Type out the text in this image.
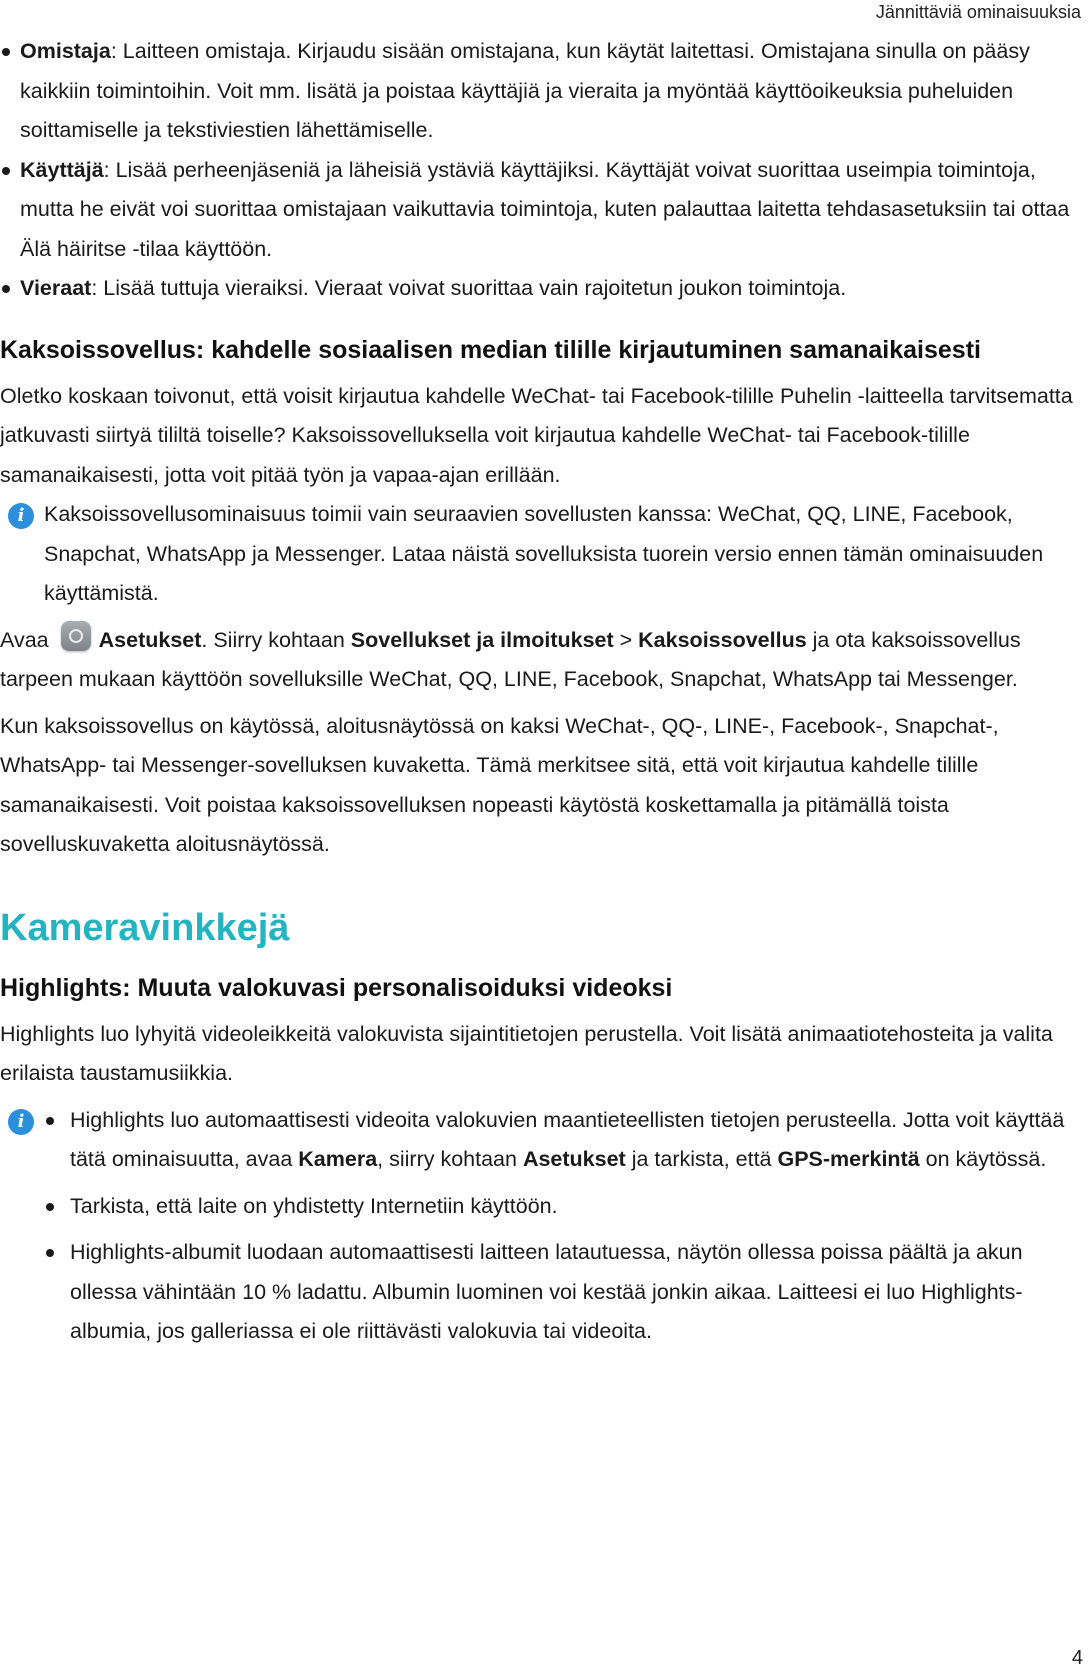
Jännittäviä ominaisuuksia

Omistaja: Laitteen omistaja. Kirjaudu sisään omistajana, kun käytät laitettasi. Omistajana sinulla on pääsy kaikkiin toimintoihin. Voit mm. lisätä ja poistaa käyttäjiä ja vieraita ja myöntää käyttöoikeuksia puheluiden soittamiselle ja tekstiviestien lähettämiselle.

Käyttäjä: Lisää perheenjäseniä ja läheisiä ystäviä käyttäjiksi. Käyttäjät voivat suorittaa useimpia toimintoja, mutta he eivät voi suorittaa omistajaan vaikuttavia toimintoja, kuten palauttaa laitetta tehdasasetuksiin tai ottaa Älä häiritse -tilaa käyttöön.

Vieraat: Lisää tuttuja vieraiksi. Vieraat voivat suorittaa vain rajoitetun joukon toimintoja.

Kaksoissovellus: kahdelle sosiaalisen median tilille kirjautuminen samanaikaisesti

Oletko koskaan toivonut, että voisit kirjautua kahdelle WeChat- tai Facebook-tilille Puhelin -laitteella tarvitsematta jatkuvasti siirtyä tililtä toiselle? Kaksoissovelluksella voit kirjautua kahdelle WeChat- tai Facebook-tilille samanaikaisesti, jotta voit pitää työn ja vapaa-ajan erillään.

i Kaksoissovellusominaisuus toimii vain seuraavien sovellusten kanssa: WeChat, QQ, LINE, Facebook, Snapchat, WhatsApp ja Messenger. Lataa näistä sovelluksista tuorein versio ennen tämän ominaisuuden käyttämistä.

Avaa Asetukset. Siirry kohtaan Sovellukset ja ilmoitukset > Kaksoissovellus ja ota kaksoissovellus tarpeen mukaan käyttöön sovelluksille WeChat, QQ, LINE, Facebook, Snapchat, WhatsApp tai Messenger.

Kun kaksoissovellus on käytössä, aloitusnäytössä on kaksi WeChat-, QQ-, LINE-, Facebook-, Snapchat-, WhatsApp- tai Messenger-sovelluksen kuvaketta. Tämä merkitsee sitä, että voit kirjautua kahdelle tilille samanaikaisesti. Voit poistaa kaksoissovelluksen nopeasti käytöstä koskettamalla ja pitämällä toista sovelluskuvaketta aloitusnäytössä.

Kameravinkkejä
Highlights: Muuta valokuvasi personalisoiduksi videoksi

Highlights luo lyhyitä videoleikkeitä valokuvista sijaintitietojen perustella. Voit lisätä animaatiotehosteita ja valita erilaista taustamusiikkia.

i	Highlights luo automaattisesti videoita valokuvien maantieteellisten tietojen perusteella. Jotta voit käyttää tätä ominaisuutta, avaa Kamera, siirry kohtaan Asetukset ja tarkista, että GPS-merkintä on käytössä.

Tarkista, että laite on yhdistetty Internetiin käyttöön.

Highlights-albumit luodaan automaattisesti laitteen latautuessa, näytön ollessa poissa päältä ja akun ollessa vähintään 10 % ladattu. Albumin luominen voi kestää jonkin aikaa. Laitteesi ei luo Highlights-albumia, jos galleriassa ei ole riittävästi valokuvia tai videoita.

4
